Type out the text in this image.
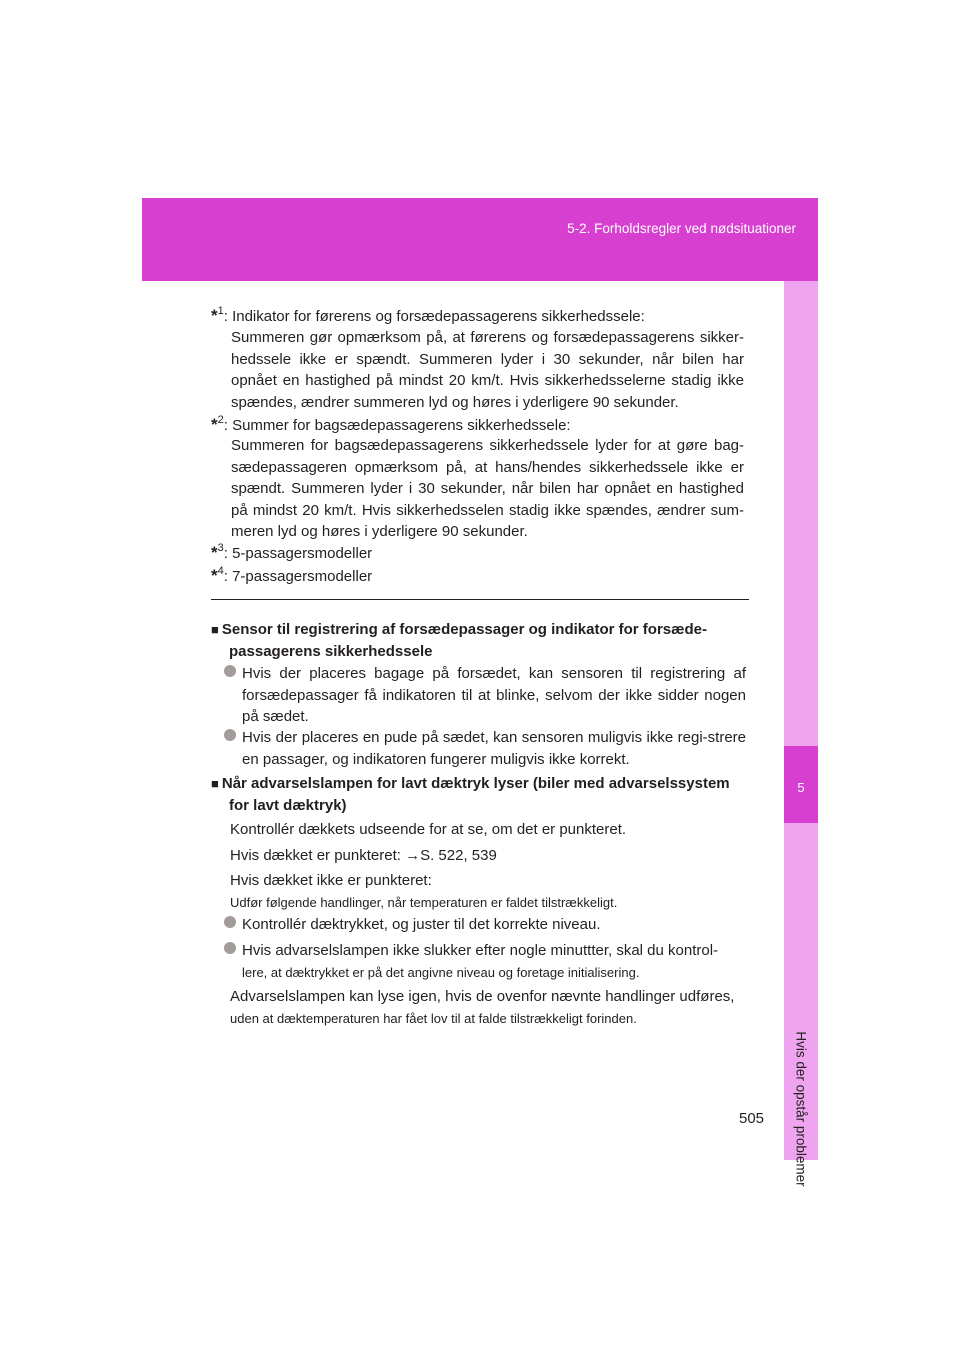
5-2. Forholdsregler ved nødsituationer
5
Hvis der opstår problemer
*$^1$: Indikator for førerens og forsædepassagerens sikkerhedssele:
Summeren gør opmærksom på, at førerens og forsædepassagerens sikker-hedssele ikke er spændt. Summeren lyder i 30 sekunder, når bilen har opnået en hastighed på mindst 20 km/t. Hvis sikkerhedsselerne stadig ikke spændes, ændrer summeren lyd og høres i yderligere 90 sekunder.
*$^2$: Summer for bagsædepassagerens sikkerhedssele:
Summeren for bagsædepassagerens sikkerhedssele lyder for at gøre bag-sædepassageren opmærksom på, at hans/hendes sikkerhedssele ikke er spændt. Summeren lyder i 30 sekunder, når bilen har opnået en hastighed på mindst 20 km/t. Hvis sikkerhedsselen stadig ikke spændes, ændrer sum-meren lyd og høres i yderligere 90 sekunder.
*$^3$: 5-passagersmodeller
*$^4$: 7-passagersmodeller
■ Sensor til registrering af forsædepassager og indikator for forsæde-
passagerens sikkerhedssele
Hvis der placeres bagage på forsædet, kan sensoren til registrering af forsædepassager få indikatoren til at blinke, selvom der ikke sidder nogen på sædet.
Hvis der placeres en pude på sædet, kan sensoren muligvis ikke regi-strere en passager, og indikatoren fungerer muligvis ikke korrekt.
■ Når advarselslampen for lavt dæktryk lyser (biler med advarselssystem
for lavt dæktryk)
Kontrollér dækkets udseende for at se, om det er punkteret.
Hvis dækket er punkteret: →S. 522, 539
Hvis dækket ikke er punkteret:
Udfør følgende handlinger, når temperaturen er faldet tilstrækkeligt.
Kontrollér dæktrykket, og juster til det korrekte niveau.
Hvis advarselslampen ikke slukker efter nogle minuttter, skal du kontrol-
lere, at dæktrykket er på det angivne niveau og foretage initialisering.
Advarselslampen kan lyse igen, hvis de ovenfor nævnte handlinger udføres,
uden at dæktemperaturen har fået lov til at falde tilstrækkeligt forinden.
505
